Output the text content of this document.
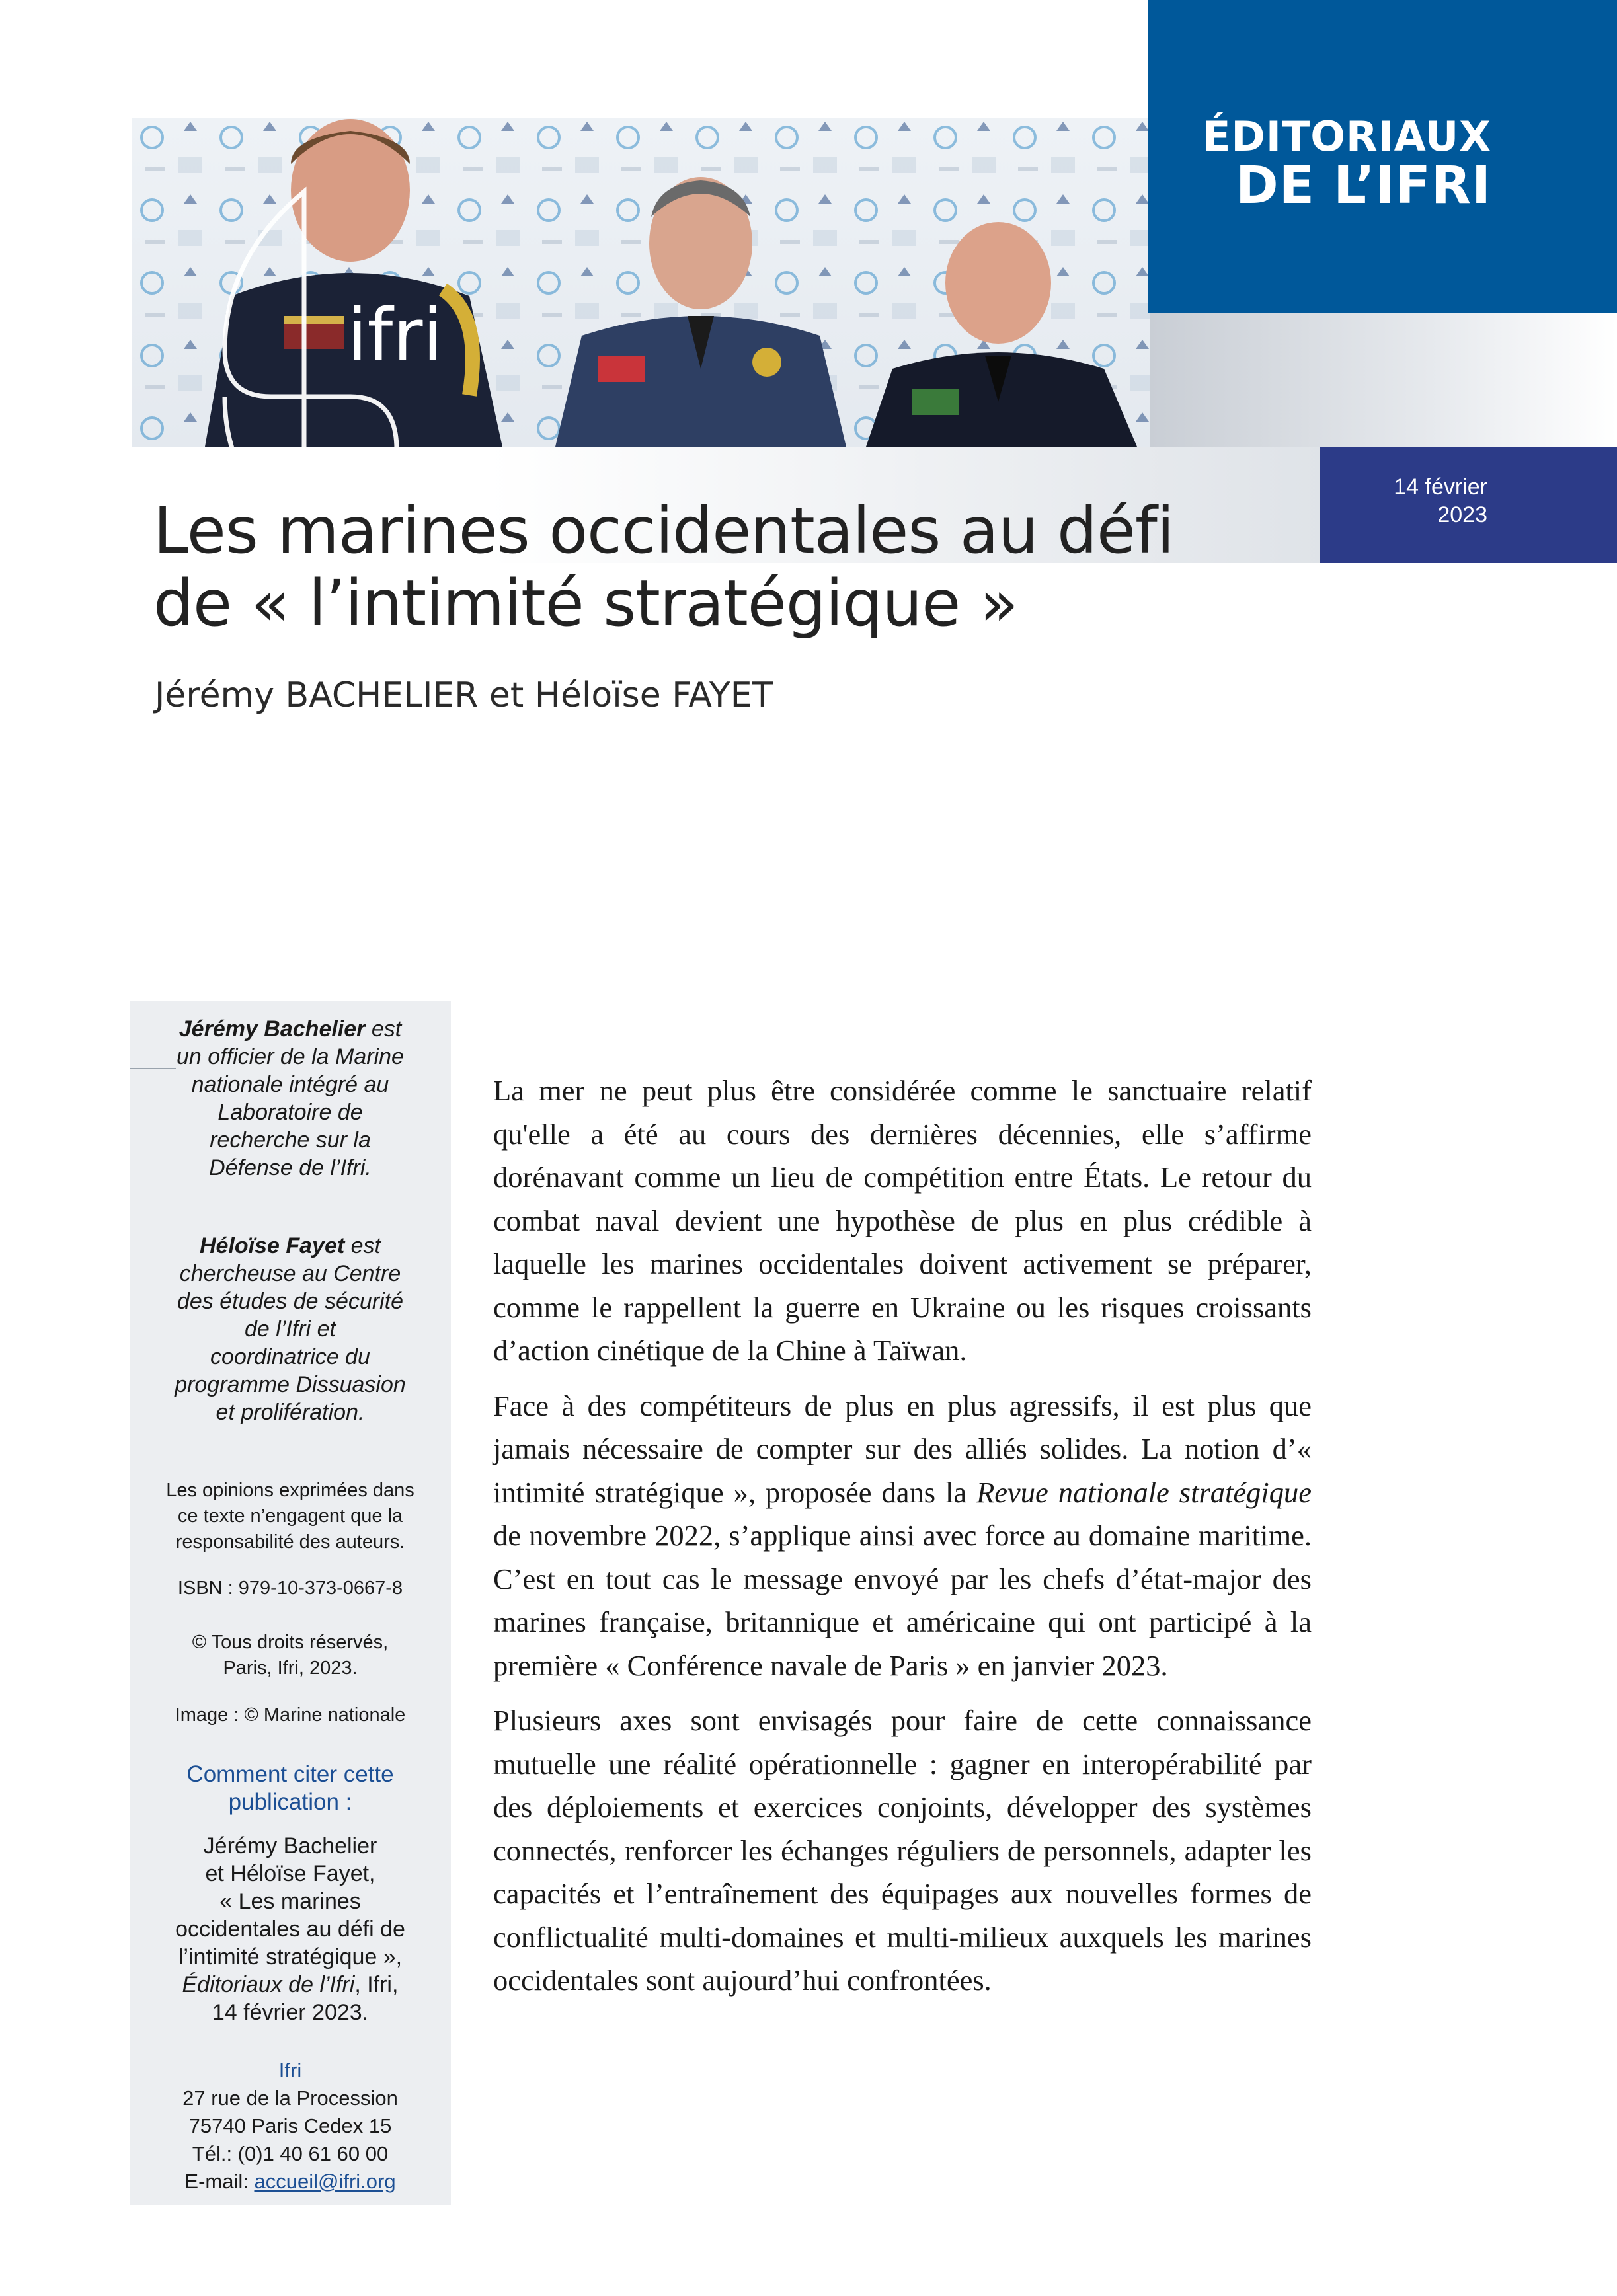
ÉDITORIAUX
DE L’IFRI
14 février
2023
ifri
Les marines occidentales au défi
de « l’intimité stratégique »
Jérémy BACHELIER et Héloïse FAYET
Jérémy Bachelier est
un officier de la Marine
nationale intégré au
Laboratoire de
recherche sur la
Défense de l’Ifri.
Héloïse Fayet est
chercheuse au Centre
des études de sécurité
de l’Ifri et
coordinatrice du
programme Dissuasion
et prolifération.
Les opinions exprimées dans
ce texte n’engagent que la
responsabilité des auteurs.
ISBN : 979-10-373-0667-8
© Tous droits réservés,
Paris, Ifri, 2023.
Image : © Marine nationale
Comment citer cette
publication :
Jérémy Bachelier
et Héloïse Fayet,
« Les marines
occidentales au défi de
l’intimité stratégique »,
Éditoriaux de l’Ifri, Ifri,
14 février 2023.
Ifri
27 rue de la Procession
75740 Paris Cedex 15
Tél.: (0)1 40 61 60 00
E-mail: accueil@ifri.org

La mer ne peut plus être considérée comme le sanctuaire relatif qu'elle a été au cours des dernières décennies, elle s’affirme dorénavant comme un lieu de compétition entre États. Le retour du combat naval devient une hypothèse de plus en plus crédible à laquelle les marines occidentales doivent activement se préparer, comme le rappellent la guerre en Ukraine ou les risques croissants d’action cinétique de la Chine à Taïwan.

Face à des compétiteurs de plus en plus agressifs, il est plus que jamais nécessaire de compter sur des alliés solides. La notion d’« intimité stratégique », proposée dans la Revue nationale stratégique de novembre 2022, s’applique ainsi avec force au domaine maritime. C’est en tout cas le message envoyé par les chefs d’état-major des marines française, britannique et américaine qui ont participé à la première « Conférence navale de Paris » en janvier 2023.

Plusieurs axes sont envisagés pour faire de cette connaissance mutuelle une réalité opérationnelle : gagner en interopérabilité par des déploiements et exercices conjoints, développer des systèmes connectés, renforcer les échanges réguliers de personnels, adapter les capacités et l’entraînement des équipages aux nouvelles formes de conflictualité multi-domaines et multi-milieux auxquels les marines occidentales sont aujourd’hui confrontées.
